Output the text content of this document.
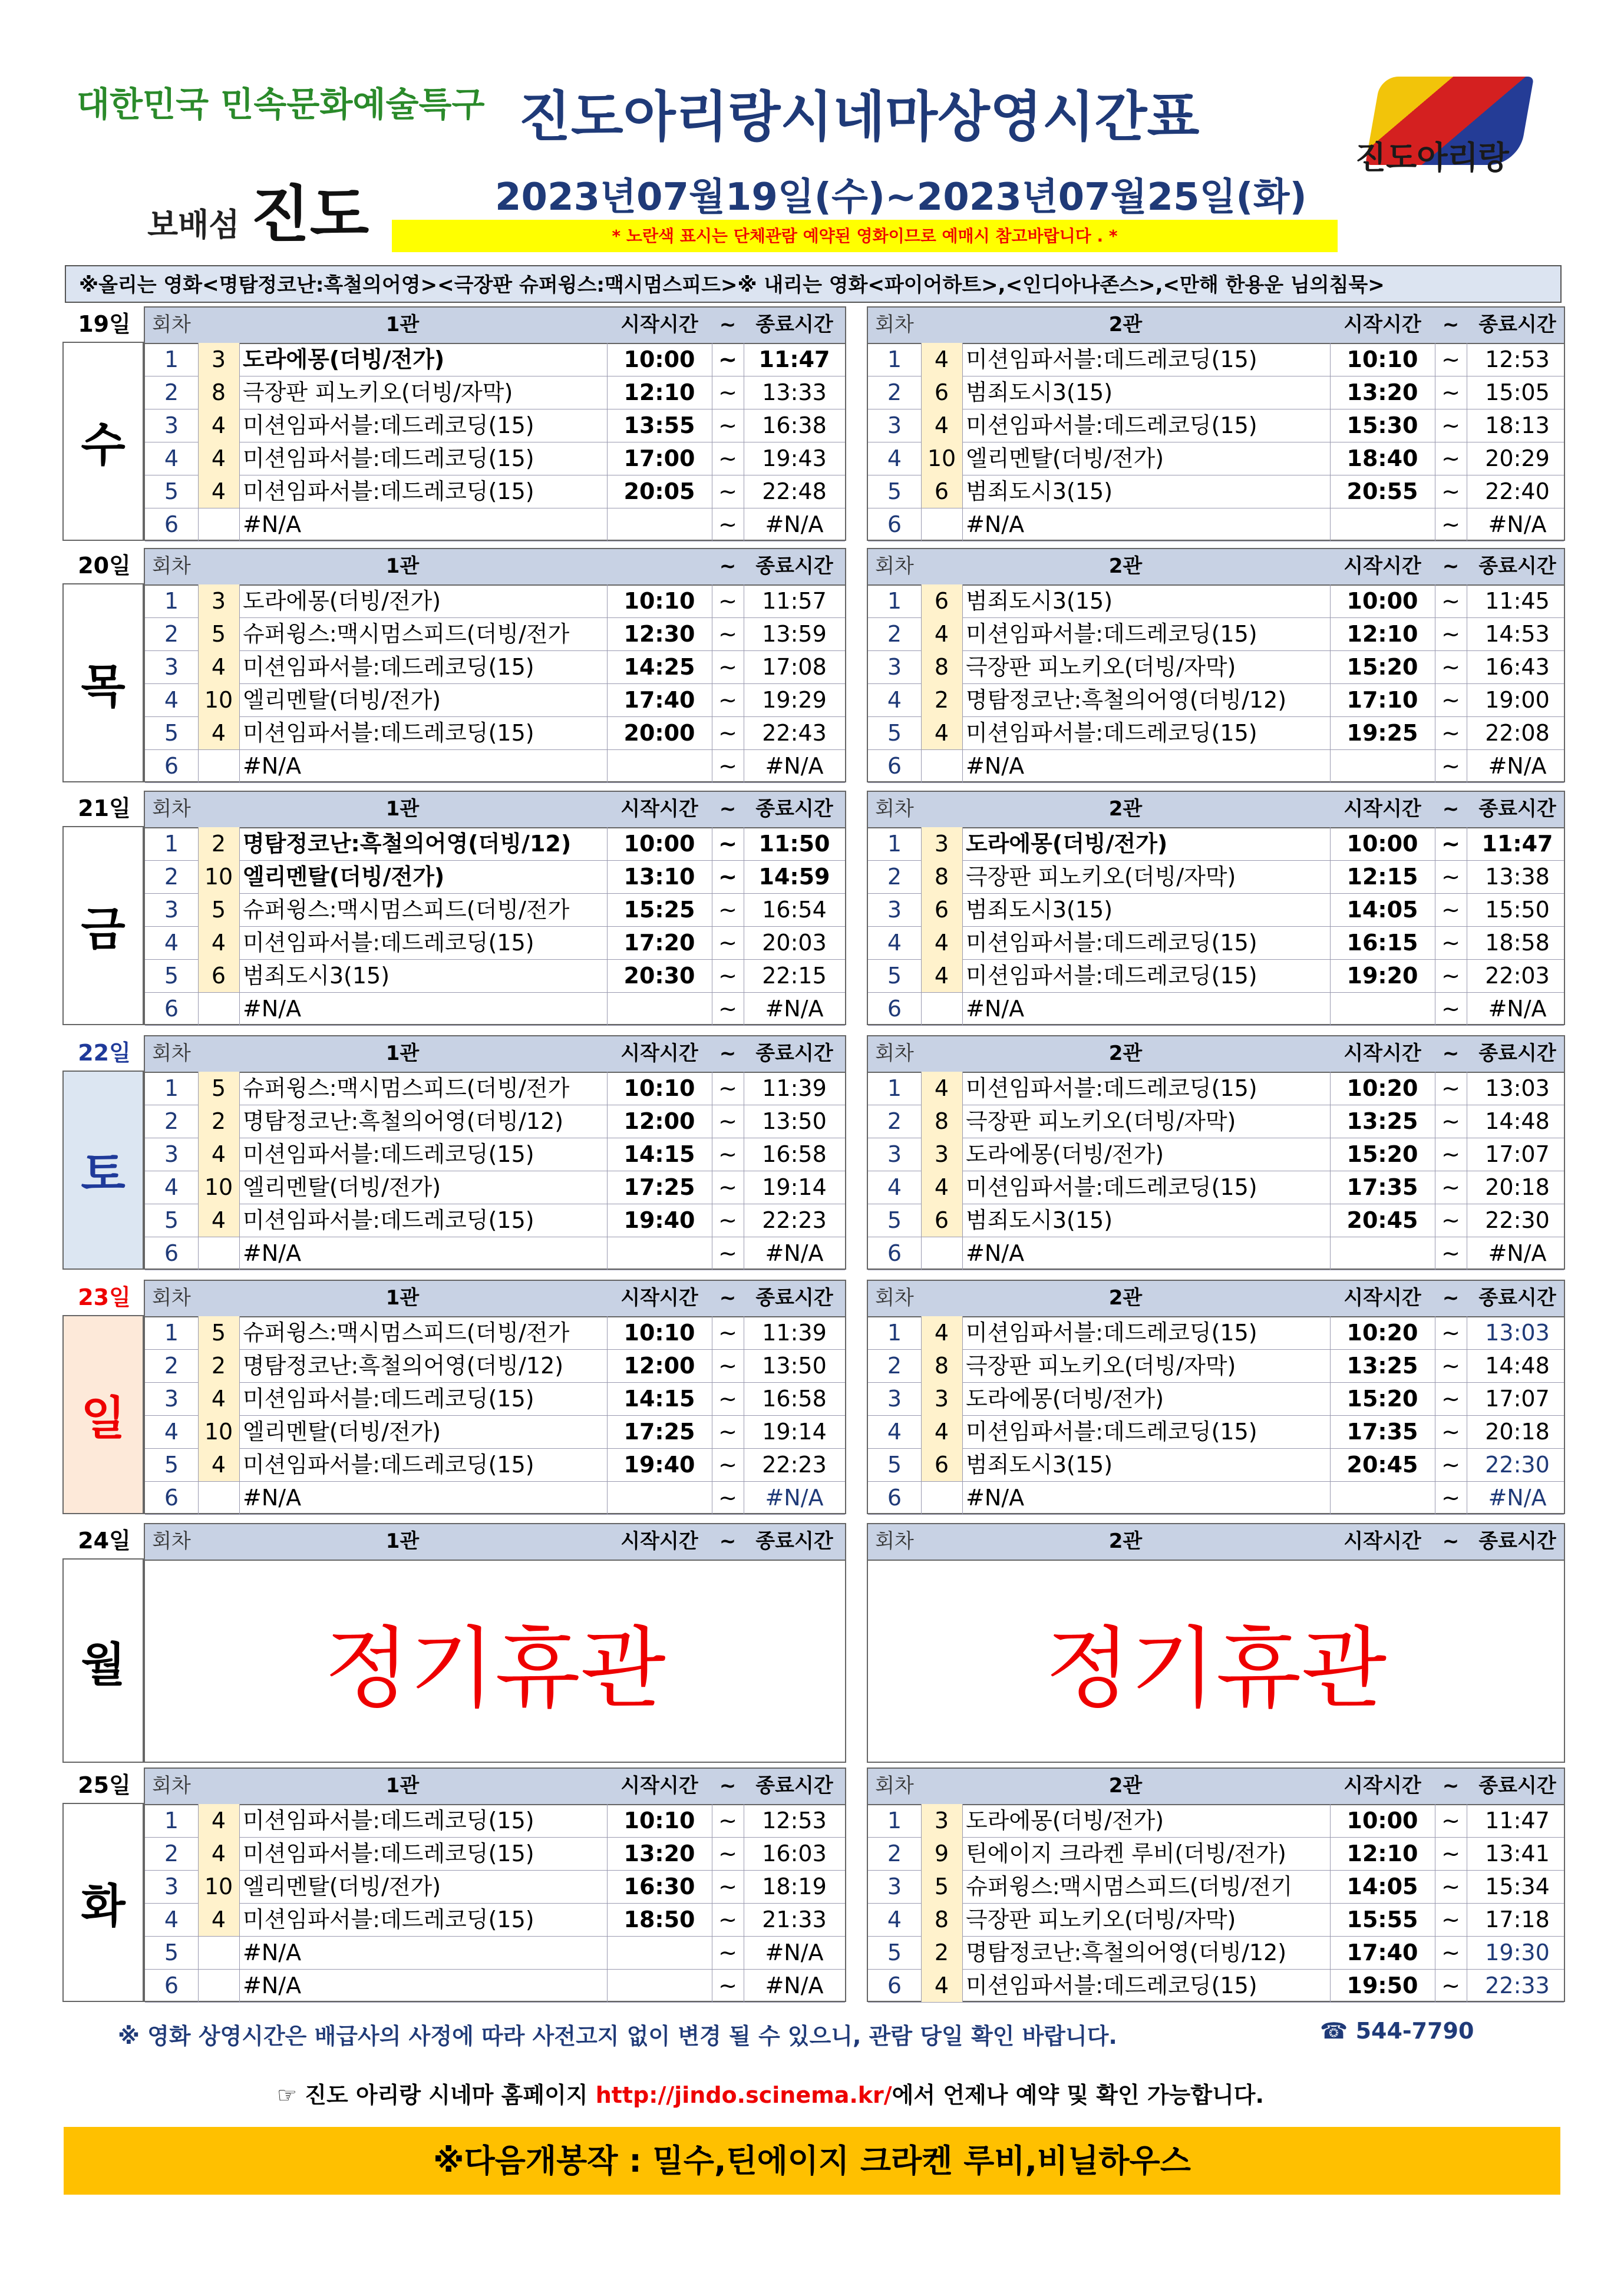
대한민국 민속문화예술특구
보배섬 진도
진도아리랑시네마상영시간표
2023년07월19일(수)~2023년07월25일(화)
* 노란색 표시는 단체관람 예약된 영화이므로 예매시 참고바랍니다 . *
진도아리랑
※올리는 영화<명탐정코난:흑철의어영><극장판 슈퍼윙스:맥시멈스피드>※ 내리는 영화<파이어하트>,<인디아나존스>,<만해 한용운 님의침묵>
19일
수
회차	1관	시작시간	~ 종료시간
1	3 도라에몽(더빙/전가)	10:00	~ 11:47
2	8 극장판 피노키오(더빙/자막)	12:10	~	13:33
3	4 미션임파서블:데드레코딩(15)	13:55	~	16:38
4	4 미션임파서블:데드레코딩(15)	17:00	~	19:43
5	4 미션임파서블:데드레코딩(15)	20:05	~	22:48
6	#N/A	~	#N/A
회차	2관	시작시간	~ 종료시간
1	4 미션임파서블:데드레코딩(15)	10:10	~	12:53
2	6 범죄도시3(15)	13:20	~	15:05
3	4 미션임파서블:데드레코딩(15)	15:30	~	18:13
4	10 엘리멘탈(더빙/전가)	18:40	~	20:29
5	6 범죄도시3(15)	20:55	~	22:40
6	#N/A	~	#N/A
20일
목
회차	1관	~ 종료시간
1	3 도라에몽(더빙/전가)	10:10	~	11:57
2	5 슈퍼윙스:맥시멈스피드(더빙/전가	12:30	~	13:59
3	4 미션임파서블:데드레코딩(15)	14:25	~	17:08
4	10 엘리멘탈(더빙/전가)	17:40	~	19:29
5	4 미션임파서블:데드레코딩(15)	20:00	~	22:43
6	#N/A	~	#N/A
회차	2관	시작시간	~ 종료시간
1	6 범죄도시3(15)	10:00	~	11:45
2	4 미션임파서블:데드레코딩(15)	12:10	~	14:53
3	8 극장판 피노키오(더빙/자막)	15:20	~	16:43
4	2 명탐정코난:흑철의어영(더빙/12)	17:10	~	19:00
5	4 미션임파서블:데드레코딩(15)	19:25	~	22:08
6	#N/A	~	#N/A
21일
금
회차	1관	시작시간	~ 종료시간
1	2 명탐정코난:흑철의어영(더빙/12)	10:00	~ 11:50
2	10 엘리멘탈(더빙/전가)	13:10	~ 14:59
3	5 슈퍼윙스:맥시멈스피드(더빙/전가	15:25	~	16:54
4	4 미션임파서블:데드레코딩(15)	17:20	~	20:03
5	6 범죄도시3(15)	20:30	~	22:15
6	#N/A	~	#N/A
회차	2관	시작시간	~ 종료시간
1	3 도라에몽(더빙/전가)	10:00	~ 11:47
2	8 극장판 피노키오(더빙/자막)	12:15	~	13:38
3	6 범죄도시3(15)	14:05	~	15:50
4	4 미션임파서블:데드레코딩(15)	16:15	~	18:58
5	4 미션임파서블:데드레코딩(15)	19:20	~	22:03
6	#N/A	~	#N/A
22일
토
회차	1관	시작시간	~ 종료시간
1	5 슈퍼윙스:맥시멈스피드(더빙/전가	10:10	~	11:39
2	2 명탐정코난:흑철의어영(더빙/12)	12:00	~	13:50
3	4 미션임파서블:데드레코딩(15)	14:15	~	16:58
4	10 엘리멘탈(더빙/전가)	17:25	~	19:14
5	4 미션임파서블:데드레코딩(15)	19:40	~	22:23
6	#N/A	~	#N/A
회차	2관	시작시간	~ 종료시간
1	4 미션임파서블:데드레코딩(15)	10:20	~	13:03
2	8 극장판 피노키오(더빙/자막)	13:25	~	14:48
3	3 도라에몽(더빙/전가)	15:20	~	17:07
4	4 미션임파서블:데드레코딩(15)	17:35	~	20:18
5	6 범죄도시3(15)	20:45	~	22:30
6	#N/A	~	#N/A
23일
일
회차	1관	시작시간	~ 종료시간
1	5 슈퍼윙스:맥시멈스피드(더빙/전가	10:10	~	11:39
2	2 명탐정코난:흑철의어영(더빙/12)	12:00	~	13:50
3	4 미션임파서블:데드레코딩(15)	14:15	~	16:58
4	10 엘리멘탈(더빙/전가)	17:25	~	19:14
5	4 미션임파서블:데드레코딩(15)	19:40	~	22:23
6	#N/A	~	#N/A
회차	2관	시작시간	~ 종료시간
1	4 미션임파서블:데드레코딩(15)	10:20	~	13:03
2	8 극장판 피노키오(더빙/자막)	13:25	~	14:48
3	3 도라에몽(더빙/전가)	15:20	~	17:07
4	4 미션임파서블:데드레코딩(15)	17:35	~	20:18
5	6 범죄도시3(15)	20:45	~	22:30
6	#N/A	~	#N/A
24일
월
회차	1관	시작시간	~ 종료시간
정기휴관
회차	2관	시작시간	~ 종료시간
정기휴관
25일
화
회차	1관	시작시간	~ 종료시간
1	4 미션임파서블:데드레코딩(15)	10:10	~	12:53
2	4 미션임파서블:데드레코딩(15)	13:20	~	16:03
3	10 엘리멘탈(더빙/전가)	16:30	~	18:19
4	4 미션임파서블:데드레코딩(15)	18:50	~	21:33
5	#N/A	~	#N/A
6	#N/A	~	#N/A
회차	2관	시작시간	~ 종료시간
1	3 도라에몽(더빙/전가)	10:00	~	11:47
2	9 틴에이지 크라켄 루비(더빙/전가)	12:10	~	13:41
3	5 슈퍼윙스:맥시멈스피드(더빙/전기	14:05	~	15:34
4	8 극장판 피노키오(더빙/자막)	15:55	~	17:18
5	2 명탐정코난:흑철의어영(더빙/12)	17:40	~	19:30
6	4 미션임파서블:데드레코딩(15)	19:50	~	22:33
※ 영화 상영시간은 배급사의 사정에 따라 사전고지 없이 변경 될 수 있으니, 관람 당일 확인 바랍니다.	☎ 544-7790
☞ 진도 아리랑 시네마 홈페이지 http://jindo.scinema.kr/에서 언제나 예약 및 확인 가능합니다.
※다음개봉작 : 밀수,틴에이지 크라켄 루비,비닐하우스
